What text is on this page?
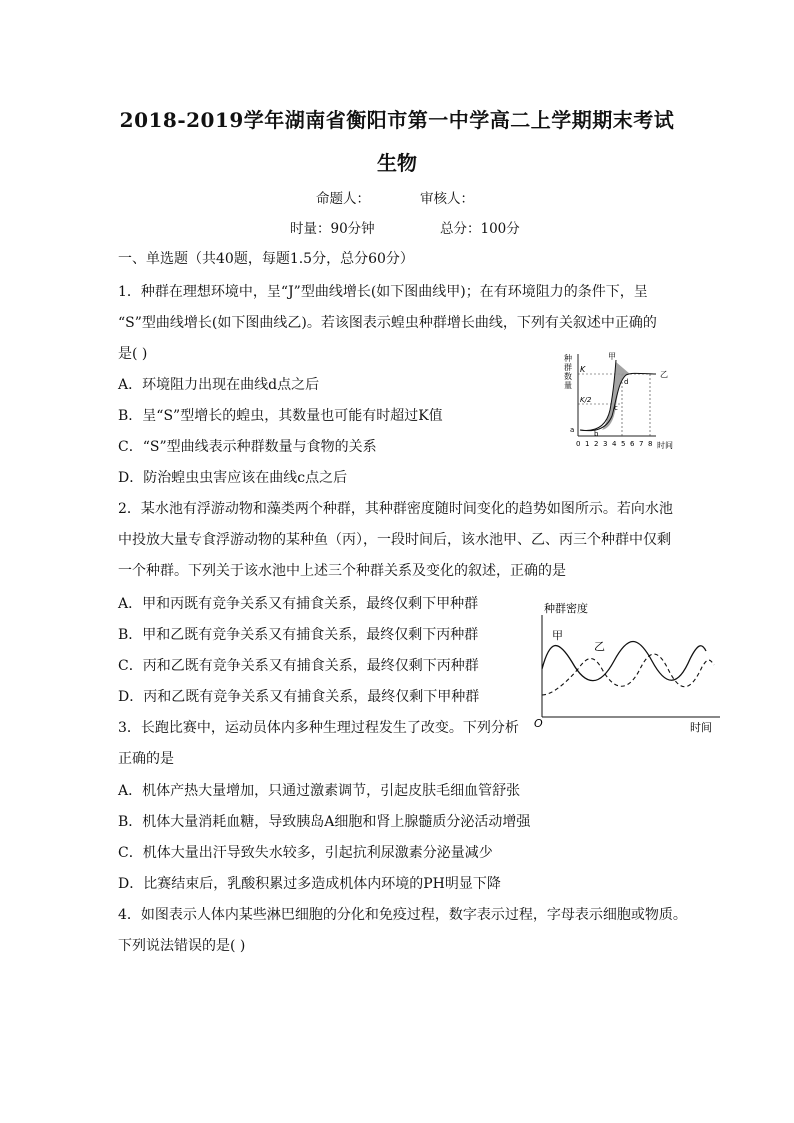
2018-2019学年湖南省衡阳市第一中学高二上学期期末考试
生物
命题人：	审核人：
时量：90分钟	总分：100分
一、单选题（共40题，每题1.5分，总分60分）
1．种群在理想环境中，呈“J”型曲线增长(如下图曲线甲)；在有环境阻力的条件下，呈
“S”型曲线增长(如下图曲线乙)。若该图表示蝗虫种群增长曲线，下列有关叙述中正确的
是( )
A．环境阻力出现在曲线d点之后
B．呈“S”型增长的蝗虫，其数量也可能有时超过K值
C．“S”型曲线表示种群数量与食物的关系
D．防治蝗虫虫害应该在曲线c点之后
种
群
数
量
K
K/2
甲
乙
a	b
c
d
0 1 2 3 4 5 6 7 8 时间
2．某水池有浮游动物和藻类两个种群，其种群密度随时间变化的趋势如图所示。若向水池
中投放大量专食浮游动物的某种鱼（丙），一段时间后，该水池甲、乙、丙三个种群中仅剩
一个种群。下列关于该水池中上述三个种群关系及变化的叙述，正确的是
A．甲和丙既有竞争关系又有捕食关系，最终仅剩下甲种群
B．甲和乙既有竞争关系又有捕食关系，最终仅剩下丙种群
C．丙和乙既有竞争关系又有捕食关系，最终仅剩下丙种群
D．丙和乙既有竞争关系又有捕食关系，最终仅剩下甲种群
种群密度
甲
乙
O	时间
3．长跑比赛中，运动员体内多种生理过程发生了改变。下列分析
正确的是
A．机体产热大量增加，只通过激素调节，引起皮肤毛细血管舒张
B．机体大量消耗血糖，导致胰岛A细胞和肾上腺髓质分泌活动增强
C．机体大量出汗导致失水较多，引起抗利尿激素分泌量减少
D．比赛结束后，乳酸积累过多造成机体内环境的PH明显下降
4．如图表示人体内某些淋巴细胞的分化和免疫过程，数字表示过程，字母表示细胞或物质。
下列说法错误的是( )
